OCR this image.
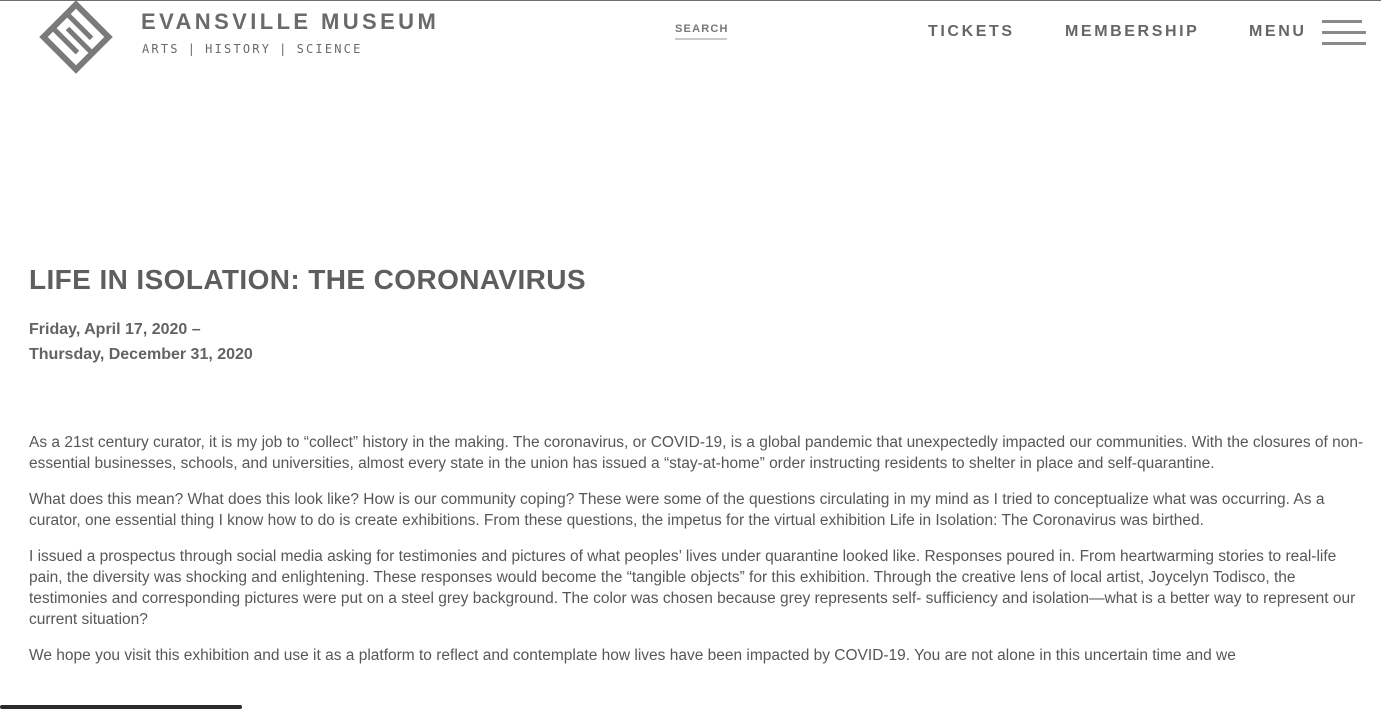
EVANSVILLE MUSEUM
ARTS | HISTORY | SCIENCE
SEARCH	TICKETS	MEMBERSHIP	MENU
LIFE IN ISOLATION: THE CORONAVIRUS
Friday, April 17, 2020 –
Thursday, December 31, 2020

As a 21st century curator, it is my job to “collect” history in the making. The coronavirus, or COVID-19, is a global pandemic that unexpectedly impacted our communities. With the closures of non-essential businesses, schools, and universities, almost every state in the union has issued a “stay-at-home” order instructing residents to shelter in place and self-quarantine.

What does this mean? What does this look like? How is our community coping? These were some of the questions circulating in my mind as I tried to conceptualize what was occurring. As a curator, one essential thing I know how to do is create exhibitions. From these questions, the impetus for the virtual exhibition Life in Isolation: The Coronavirus was birthed.

I issued a prospectus through social media asking for testimonies and pictures of what peoples’ lives under quarantine looked like. Responses poured in. From heartwarming stories to real-life pain, the diversity was shocking and enlightening. These responses would become the “tangible objects” for this exhibition. Through the creative lens of local artist, Joycelyn Todisco, the testimonies and corresponding pictures were put on a steel grey background. The color was chosen because grey represents self- sufficiency and isolation—what is a better way to represent our current situation?

We hope you visit this exhibition and use it as a platform to reflect and contemplate how lives have been impacted by COVID-19. You are not alone in this uncertain time and we
